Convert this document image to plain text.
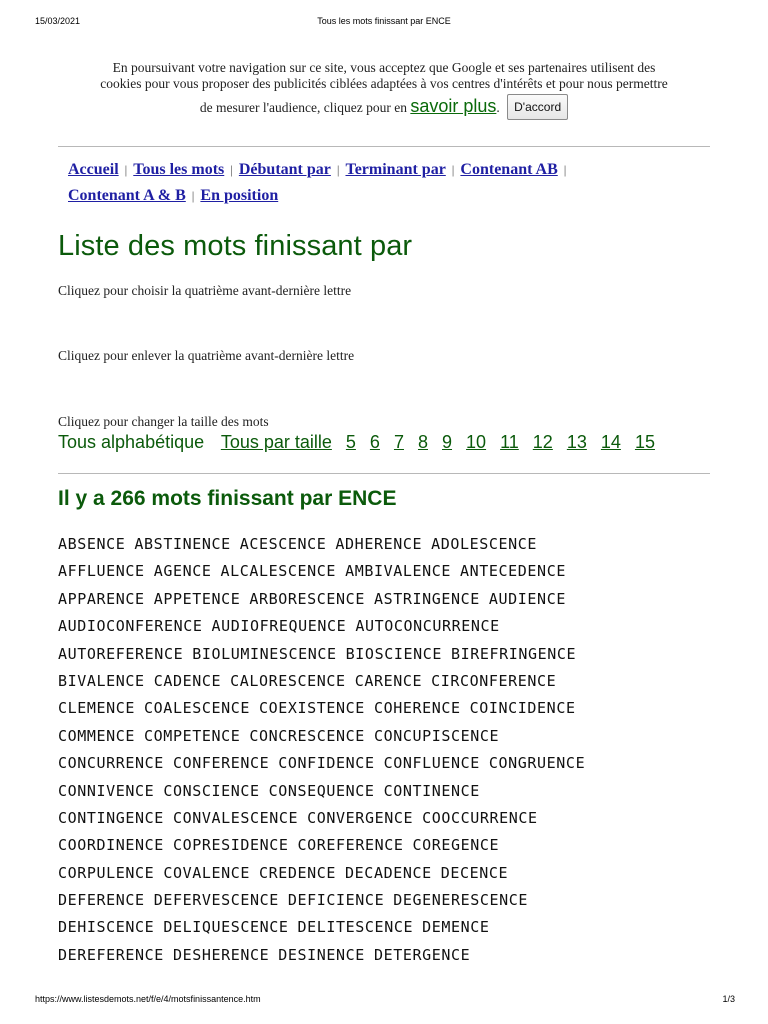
15/03/2021	Tous les mots finissant par ENCE
En poursuivant votre navigation sur ce site, vous acceptez que Google et ses partenaires utilisent des
cookies pour vous proposer des publicités ciblées adaptées à vos centres d'intérêts et pour nous permettre
de mesurer l'audience, cliquez pour en savoir plus. D'accord
Accueil | Tous les mots | Débutant par | Terminant par | Contenant AB |
Contenant A & B | En position
Liste des mots finissant par
Cliquez pour choisir la quatrième avant-dernière lettre
Cliquez pour enlever la quatrième avant-dernière lettre
Cliquez pour changer la taille des mots
Tous alphabétique Tous par taille 5 6 7 8 9 10 11 12 13 14 15
Il y a 266 mots finissant par ENCE
ABSENCE ABSTINENCE ACESCENCE ADHERENCE ADOLESCENCE
AFFLUENCE AGENCE ALCALESCENCE AMBIVALENCE ANTECEDENCE
APPARENCE APPETENCE ARBORESCENCE ASTRINGENCE AUDIENCE
AUDIOCONFERENCE AUDIOFREQUENCE AUTOCONCURRENCE
AUTOREFERENCE BIOLUMINESCENCE BIOSCIENCE BIREFRINGENCE
BIVALENCE CADENCE CALORESCENCE CARENCE CIRCONFERENCE
CLEMENCE COALESCENCE COEXISTENCE COHERENCE COINCIDENCE
COMMENCE COMPETENCE CONCRESCENCE CONCUPISCENCE
CONCURRENCE CONFERENCE CONFIDENCE CONFLUENCE CONGRUENCE
CONNIVENCE CONSCIENCE CONSEQUENCE CONTINENCE
CONTINGENCE CONVALESCENCE CONVERGENCE COOCCURRENCE
COORDINENCE COPRESIDENCE COREFERENCE COREGENCE
CORPULENCE COVALENCE CREDENCE DECADENCE DECENCE
DEFERENCE DEFERVESCENCE DEFICIENCE DEGENERESCENCE
DEHISCENCE DELIQUESCENCE DELITESCENCE DEMENCE
DEREFERENCE DESHERENCE DESINENCE DETERGENCE
https://www.listesdemots.net/f/e/4/motsfinissantence.htm	1/3
